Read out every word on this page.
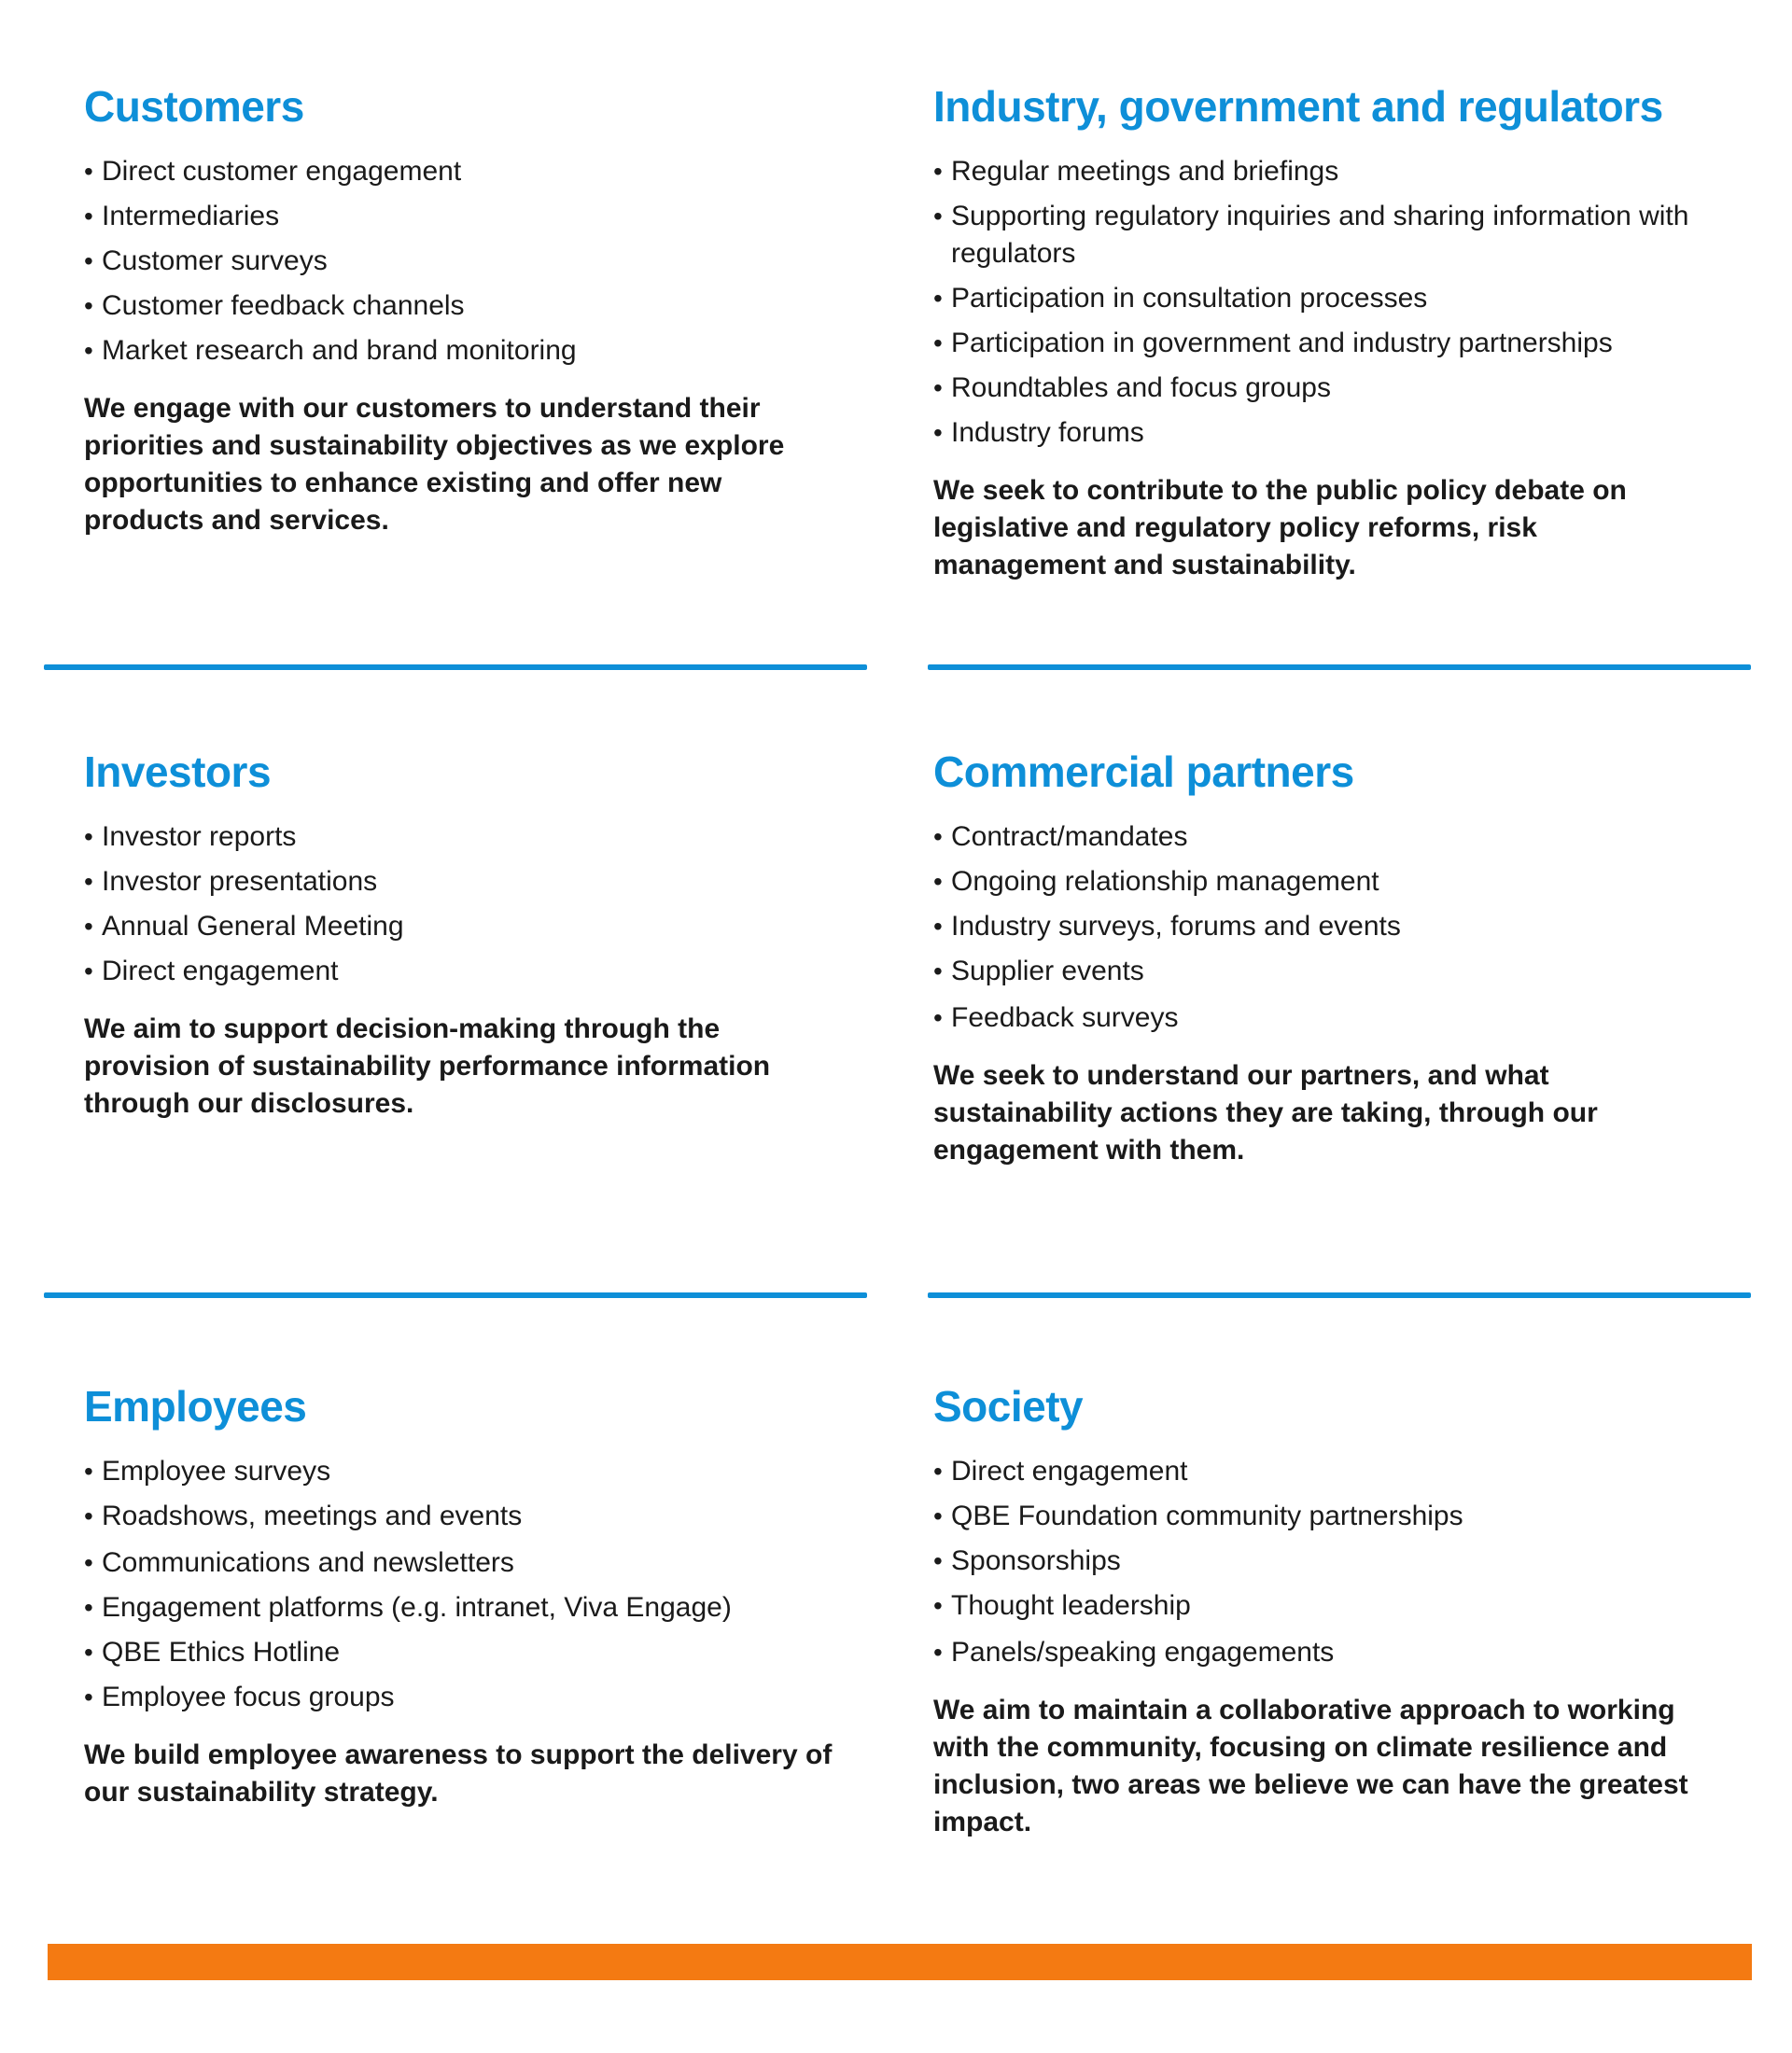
Customers
• Direct customer engagement
• Intermediaries
• Customer surveys
• Customer feedback channels
• Market research and brand monitoring

We engage with our customers to understand their priorities and sustainability objectives as we explore opportunities to enhance existing and offer new products and services.

Industry, government and regulators
• Regular meetings and briefings
• Supporting regulatory inquiries and sharing information with regulators
• Participation in consultation processes
• Participation in government and industry partnerships
• Roundtables and focus groups
• Industry forums

We seek to contribute to the public policy debate on legislative and regulatory policy reforms, risk management and sustainability.

Investors
• Investor reports
• Investor presentations
• Annual General Meeting
• Direct engagement

We aim to support decision-making through the provision of sustainability performance information through our disclosures.

Commercial partners
• Contract/mandates
• Ongoing relationship management
• Industry surveys, forums and events
• Supplier events
• Feedback surveys

We seek to understand our partners, and what sustainability actions they are taking, through our engagement with them.

Employees
• Employee surveys
• Roadshows, meetings and events
• Communications and newsletters
• Engagement platforms (e.g. intranet, Viva Engage)
• QBE Ethics Hotline
• Employee focus groups

We build employee awareness to support the delivery of our sustainability strategy.

Society
• Direct engagement
• QBE Foundation community partnerships
• Sponsorships
• Thought leadership
• Panels/speaking engagements

We aim to maintain a collaborative approach to working with the community, focusing on climate resilience and inclusion, two areas we believe we can have the greatest impact.
